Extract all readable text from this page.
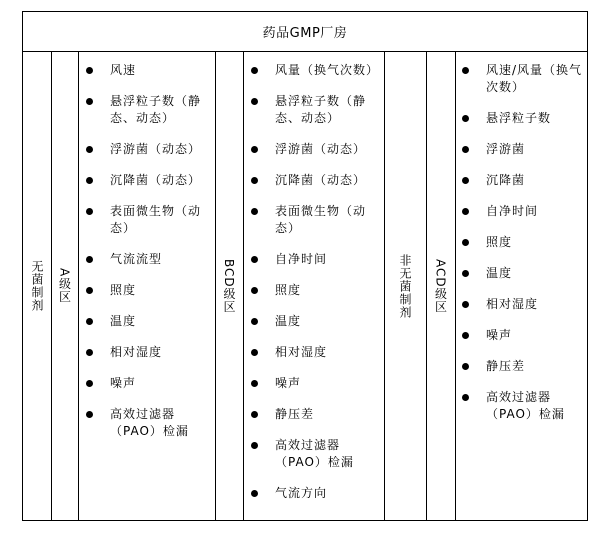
药品GMP厂房
无菌制剂 A级区	BCD级区	非无菌制剂 ACD级区
风速
悬浮粒子数（静态、动态）
浮游菌（动态）
沉降菌（动态）
表面微生物（动态）
气流流型
照度
温度
相对湿度
噪声
高效过滤器（PAO）检漏
风量（换气次数）
悬浮粒子数（静态、动态）
浮游菌（动态）
沉降菌（动态）
表面微生物（动态）
自净时间
照度
温度
相对湿度
噪声
静压差
高效过滤器（PAO）检漏
气流方向
风速/风量（换气次数）
悬浮粒子数
浮游菌
沉降菌
自净时间
照度
温度
相对湿度
噪声
静压差
高效过滤器（PAO）检漏
